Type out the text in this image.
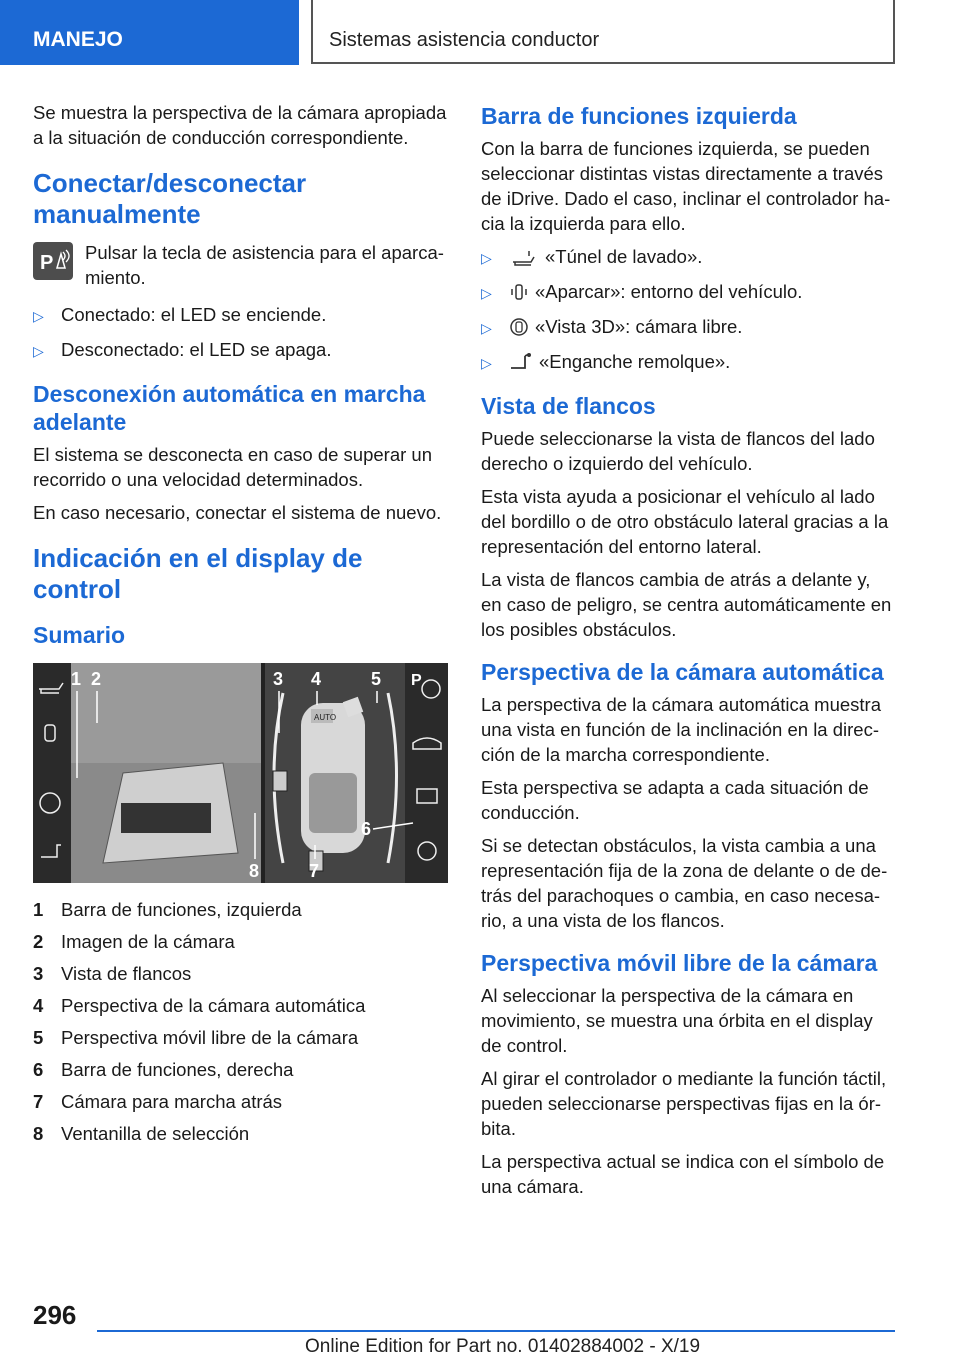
MANEJO	Sistemas asistencia conductor

Se muestra la perspectiva de la cámara apropiada a la situación de conducción correspondiente.

Conectar/desconectar manualmente
P Pulsar la tecla de asistencia para el aparcamiento.

▷ Conectado: el LED se enciende.
▷ Desconectado: el LED se apaga.
Desconexión automática en marcha adelante

El sistema se desconecta en caso de superar un recorrido o una velocidad determinados.

En caso necesario, conectar el sistema de nuevo.

Indicación en el display de control
Sumario
AUTO
P
1 2	3 4	5
6
7
8
1 Barra de funciones, izquierda
2 Imagen de la cámara
3 Vista de flancos
4 Perspectiva de la cámara automática
5 Perspectiva móvil libre de la cámara
6 Barra de funciones, derecha
7 Cámara para marcha atrás
8 Ventanilla de selección
Barra de funciones izquierda

Con la barra de funciones izquierda, se pueden seleccionar distintas vistas directamente a través de iDrive. Dado el caso, inclinar el controlador hacia la izquierda para ello.

▷	«Túnel de lavado».
▷	«Aparcar»: entorno del vehículo.
▷	«Vista 3D»: cámara libre.
▷	«Enganche remolque».
Vista de flancos

Puede seleccionarse la vista de flancos del lado derecho o izquierdo del vehículo.

Esta vista ayuda a posicionar el vehículo al lado del bordillo o de otro obstáculo lateral gracias a la representación del entorno lateral.

La vista de flancos cambia de atrás a delante y, en caso de peligro, se centra automáticamente en los posibles obstáculos.

Perspectiva de la cámara automática

La perspectiva de la cámara automática muestra una vista en función de la inclinación en la dirección de la marcha correspondiente.

Esta perspectiva se adapta a cada situación de conducción.

Si se detectan obstáculos, la vista cambia a una representación fija de la zona de delante o de detrás del parachoques o cambia, en caso necesario, a una vista de los flancos.

Perspectiva móvil libre de la cámara

Al seleccionar la perspectiva de la cámara en movimiento, se muestra una órbita en el display de control.

Al girar el controlador o mediante la función táctil, pueden seleccionarse perspectivas fijas en la órbita.

La perspectiva actual se indica con el símbolo de una cámara.

296
Online Edition for Part no. 01402884002 - X/19
